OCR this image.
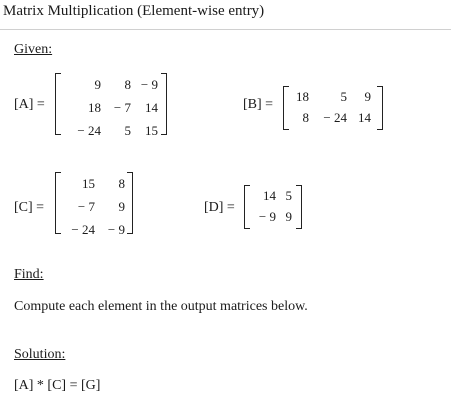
Matrix Multiplication (Element-wise entry)
Given:
[A] =
9	8	− 9
18	− 7	14
− 24	5	15
[B] =
18	5	9
8	− 24	14
[C] =
15	8
− 7	9
− 24	− 9
[D] =
14	5
− 9	9
Find:
Compute each element in the output matrices below.
Solution:
[A] * [C] = [G]
